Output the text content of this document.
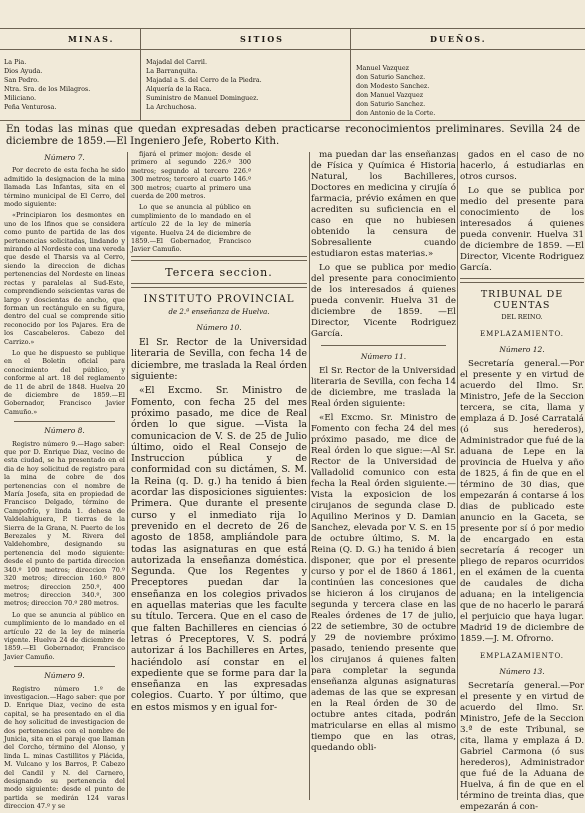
MINAS.	SITIOS	DUEÑOS.
La Pia.
Dios Ayuda.
San Pedro.
Ntra. Sra. de los Milagros.
Miliciano.
Peña Venturosa.
Majadal del Carril.
La Barranquita.
Majadal a S. del Cerro de la Piedra.
Alquería de la Raca.
Suministro de Manuel Dominguez.
La Archuchosa.
Manuel Vazquez
don Saturio Sanchez.
don Modesto Sanchez.
don Manuel Vazquez
don Saturio Sanchez.
don Antonio de la Corte.
En todas las minas que quedan expresadas deben practicarse reconocimientos preliminares. Sevilla 24 de diciembre de 1859.—El Ingeniero Jefe, Roberto Kith.
Número 7.

Por decreto de esta fecha he sido admitido la designacion de la mina llamada Las Infantas, sita en el término municipal de El Cerro, del modo siguiente:

«Principiaron los desmontes en uno de los lfinos que se considera como punto de partida de las dos pertenencias solicitadas, lindando y mirando al Nordeste con una vereda que desde el Tharsis va al Cerro, siendo la direccion de dichas pertenencias del Nordeste en lineas rectas y paralelas al Sud-Este, comprendiendo seiscientas varas de largo y doscientas de ancho, que forman un rectángulo en su figura, dentro del cual se comprende sitio reconocido por los Pajares. Era de los Cascabeleros. Cabezo del Carrizo.»

Lo que he dispuesto se publique en el Boletin oficial para conocimiento del público, y conforme al art. 18 del reglamento de 11 de abril de 1848. Huelva 20 de diciembre de 1859.—El Gobernador, Francisco Javier Camuño.»

Número 8.

Registro número 9.—Hago saber: que por D. Enrique Diaz, vecino de esta ciudad, se ha presentado en el dia de hoy solicitud de registro para la mina de cobre de dos pertenencias con el nombre de María Josefa, sita en propiedad de Francisco Delgado, término de Campofrío, y linda 1. dehesa de Valdelahiguera, P. tierras de la Sierra de la Grana, N. Puerto de los Berezales y M. Rivera del Valdehombre, designando su pertenencia del modo siguiente: desde el punto de partida direccion 340.º 100 metros; direccion 70.º 320 metros; direccion 160.º 800 metros; direccion 250.º, 400 metros; direccion 340.º, 300 metros; direccion 70.º 280 metros.

Lo que se anuncia al público en cumplimiento de lo mandado en el artículo 22 de la ley de minería vigente. Huelva 24 de diciembre de 1859.—El Gobernador, Francisco Javier Camuño.

Número 9.

Registro número 1.º de investigacion.—Hago saber: que por D. Enrique Diaz, vecino de esta capital, se ha presentado en el dia de hoy solicitud de investigacion de dos pertenencias con el nombre de Junicia, sita en el paraje que llaman del Corcho, término del Alonso, y linda L. minas Castillitos y Plácida, M. Vulcano y los Barros, P. Cabezo del Candil y N. del Carnero, designando su pertenencia del modo siguiente: desde el punto de partida se medirán 124 varas direccion 47.º y se

fijará el primer mojon: desde el primero al segundo 226.º 300 metros; segundo al tercero 226.º 300 metros; tercero al cuarto 146.º 300 metros; cuarto al primero una cuerda de 200 metros.

Lo que se anuncia al público en cumplimiento de lo mandado en el artículo 22 de la ley de minería vigente. Huelva 24 de diciembre de 1859.—El Gobernador, Francisco Javier Camuño.

Tercera seccion.
INSTITUTO PROVINCIAL
de 2.ª enseñanza de Huelva.
Número 10.

El Sr. Rector de la Universidad literaria de Sevilla, con fecha 14 de diciembre, me traslada la Real órden siguiente:

«El Excmo. Sr. Ministro de Fomento, con fecha 25 del mes próximo pasado, me dice de Real órden lo que sigue. —Vista la comunicacion de V. S. de 25 de Julio último, oido el Real Consejo de Instruccion pública y de conformidad con su dictámen, S. M. la Reina (q. D. g.) ha tenido á bien acordar las disposiciones siguientes: Primera. Que durante el presente curso y el inmediato rija lo prevenido en el decreto de 26 de agosto de 1858, ampliándole para todas las asignaturas en que está autorizada la enseñanza doméstica. Segunda. Que los Regentes y Preceptores puedan dar la enseñanza en los colegios privados en aquellas materias que les faculte su título. Tercera. Que en el caso de que falten Bachilleres en ciencias ó letras ó Preceptores, V. S. podrá autorizar á los Bachilleres en Artes, haciéndolo así constar en el expediente que se forme para dar la enseñanza en las expresadas colegios. Cuarto. Y por último, que en estos mismos y en igual for-

ma puedan dar las enseñanzas de Física y Química é Historia Natural, los Bachilleres, Doctores en medicina y cirujía ó farmacia, prévio exámen en que acrediten su suficiencia en el caso en que no hubiesen obtenido la censura de Sobresaliente cuando estudiaron estas materias.»

Lo que se publica por medio del presente para conocimiento de los interesados á quienes pueda convenir. Huelva 31 de diciembre de 1859. —El Director, Vicente Rodriguez García.

Número 11.

El Sr. Rector de la Universidad literaria de Sevilla, con fecha 14 de diciembre, me traslada la Real órden siguiente:

«El Excmo. Sr. Ministro de Fomento con fecha 24 del mes próximo pasado, me dice de Real órden lo que sigue:—Al Sr. Rector de la Universidad de Valladolid comunico con esta fecha la Real órden siguiente.—Vista la exposicion de los cirujanos de segunda clase D. Aquilino Merinos y D. Damian Sanchez, elevada por V. S. en 15 de octubre último, S. M. la Reina (Q. D. G.) ha tenido á bien disponer, que por el presente curso y por el de 1860 á 1861, continúen las concesiones que se hicieron á los cirujanos de segunda y tercera clase en las Reales órdenes de 17 de julio, 22 de setiembre, 30 de octubre y 29 de noviembre próximo pasado, teniendo presente que los cirujanos á quienes falten para completar la segunda enseñanza algunas asignaturas ademas de las que se expresan en la Real órden de 30 de octubre antes citada, podrán matricularse en ellas al mismo tiempo que en las otras, quedando obli-

gados en el caso de no hacerlo, á estudiarlas en otros cursos.

Lo que se publica por medio del presente para conocimiento de los interesados á quienes pueda convenir. Huelva 31 de diciembre de 1859. —El Director, Vicente Rodriguez García.

TRIBUNAL DE CUENTAS
DEL REINO.
EMPLAZAMIENTO.
Número 12.

Secretaría general.—Por el presente y en virtud de acuerdo del Ilmo. Sr. Ministro, Jefe de la Seccion tercera, se cita, llama y emplaza á D. José Carratalá (ó sus herederos), Administrador que fué de la aduana de Lepe en la provincia de Huelva y año de 1825, á fin de que en el término de 30 dias, que empezarán á contarse á los dias de publicado este anuncio en la Gaceta, se presente por sí ó por medio de encargado en esta secretaría á recoger un pliego de reparos ocurridos en el exámen de la cuenta de caudales de dicha aduana; en la inteligencia que de no hacerlo le parará el perjuicio que haya lugar. Madrid 19 de diciembre de 1859.—J. M. Ofrorno.

EMPLAZAMIENTO.
Número 13.

Secretaría general.—Por el presente y en virtud de acuerdo del Ilmo. Sr. Ministro, Jefe de la Seccion 3.ª de este Tribunal, se cita, llama y emplaza á D. Gabriel Carmona (ó sus herederos), Administrador que fué de la Aduana de Huelva, á fin de que en el término de treinta dias, que empezarán á con-
